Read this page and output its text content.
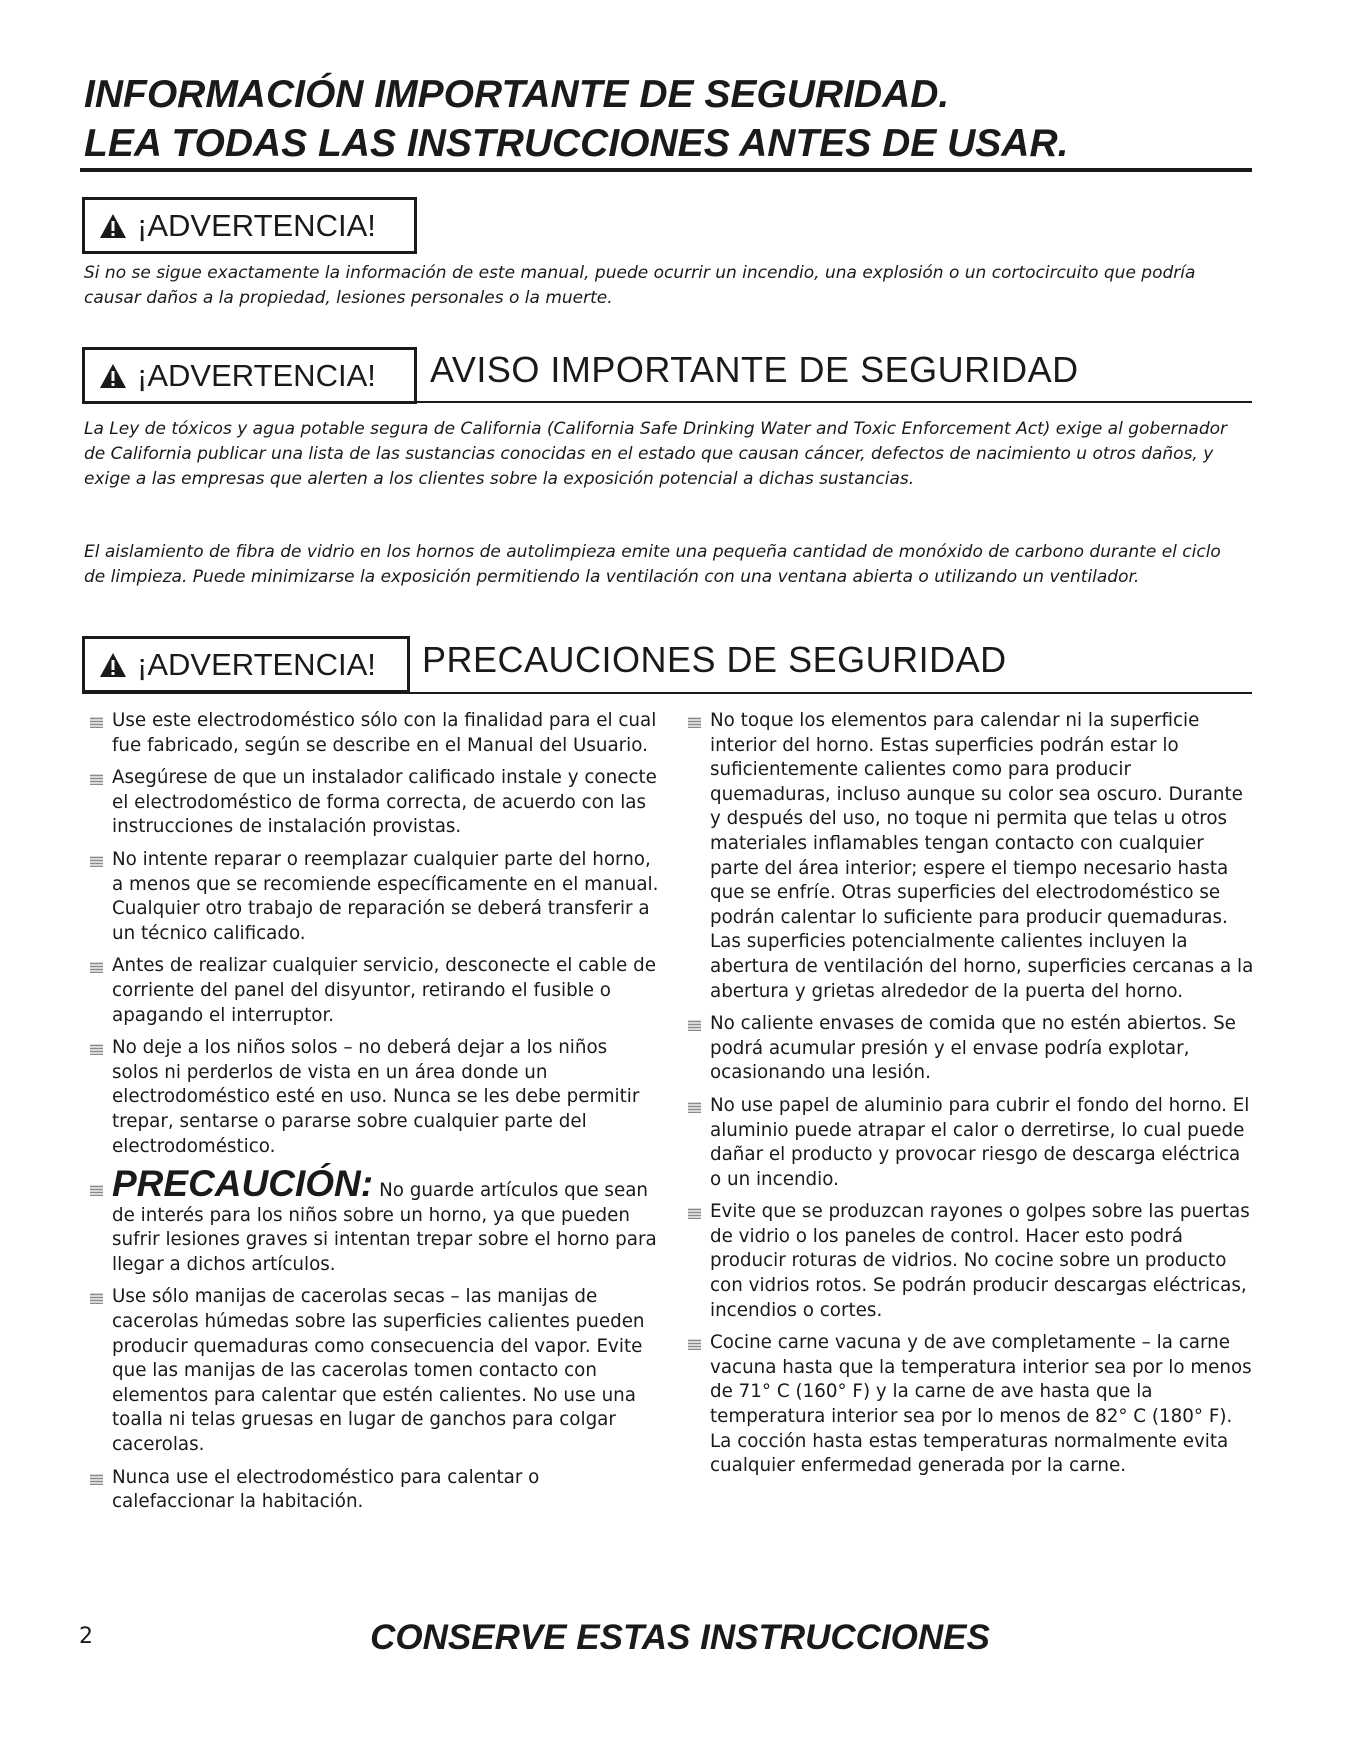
INFORMACIÓN IMPORTANTE DE SEGURIDAD.
LEA TODAS LAS INSTRUCCIONES ANTES DE USAR.
¡ADVERTENCIA!

Si no se sigue exactamente la información de este manual, puede ocurrir un incendio, una explosión o un cortocircuito que podría causar daños a la propiedad, lesiones personales o la muerte.

¡ADVERTENCIA! AVISO IMPORTANTE DE SEGURIDAD

La Ley de tóxicos y agua potable segura de California (California Safe Drinking Water and Toxic Enforcement Act) exige al gobernador de California publicar una lista de las sustancias conocidas en el estado que causan cáncer, defectos de nacimiento u otros daños, y exige a las empresas que alerten a los clientes sobre la exposición potencial a dichas sustancias.

El aislamiento de fibra de vidrio en los hornos de autolimpieza emite una pequeña cantidad de monóxido de carbono durante el ciclo de limpieza. Puede minimizarse la exposición permitiendo la ventilación con una ventana abierta o utilizando un ventilador.

¡ADVERTENCIA! PRECAUCIONES DE SEGURIDAD
Use este electrodoméstico sólo con la finalidad para el cual fue fabricado, según se describe en el Manual del Usuario.
Asegúrese de que un instalador calificado instale y conecte el electrodoméstico de forma correcta, de acuerdo con las instrucciones de instalación provistas.
No intente reparar o reemplazar cualquier parte del horno, a menos que se recomiende específicamente en el manual. Cualquier otro trabajo de reparación se deberá transferir a un técnico calificado.
Antes de realizar cualquier servicio, desconecte el cable de corriente del panel del disyuntor, retirando el fusible o apagando el interruptor.
No deje a los niños solos – no deberá dejar a los niños solos ni perderlos de vista en un área donde un electrodoméstico esté en uso. Nunca se les debe permitir trepar, sentarse o pararse sobre cualquier parte del electrodoméstico.
PRECAUCIÓN: No guarde artículos que sean de interés para los niños sobre un horno, ya que pueden sufrir lesiones graves si intentan trepar sobre el horno para llegar a dichos artículos.
Use sólo manijas de cacerolas secas – las manijas de cacerolas húmedas sobre las superficies calientes pueden producir quemaduras como consecuencia del vapor. Evite que las manijas de las cacerolas tomen contacto con elementos para calentar que estén calientes. No use una toalla ni telas gruesas en lugar de ganchos para colgar cacerolas.
Nunca use el electrodoméstico para calentar o calefaccionar la habitación.
No toque los elementos para calendar ni la superficie interior del horno. Estas superficies podrán estar lo suficientemente calientes como para producir quemaduras, incluso aunque su color sea oscuro. Durante y después del uso, no toque ni permita que telas u otros materiales inflamables tengan contacto con cualquier parte del área interior; espere el tiempo necesario hasta que se enfríe. Otras superficies del electrodoméstico se podrán calentar lo suficiente para producir quemaduras. Las superficies potencialmente calientes incluyen la abertura de ventilación del horno, superficies cercanas a la abertura y grietas alrededor de la puerta del horno.
No caliente envases de comida que no estén abiertos. Se podrá acumular presión y el envase podría explotar, ocasionando una lesión.
No use papel de aluminio para cubrir el fondo del horno. El aluminio puede atrapar el calor o derretirse, lo cual puede dañar el producto y provocar riesgo de descarga eléctrica o un incendio.
Evite que se produzcan rayones o golpes sobre las puertas de vidrio o los paneles de control. Hacer esto podrá producir roturas de vidrios. No cocine sobre un producto con vidrios rotos. Se podrán producir descargas eléctricas, incendios o cortes.
Cocine carne vacuna y de ave completamente – la carne vacuna hasta que la temperatura interior sea por lo menos de 71° C (160° F) y la carne de ave hasta que la temperatura interior sea por lo menos de 82° C (180° F). La cocción hasta estas temperaturas normalmente evita cualquier enfermedad generada por la carne.
2	CONSERVE ESTAS INSTRUCCIONES
